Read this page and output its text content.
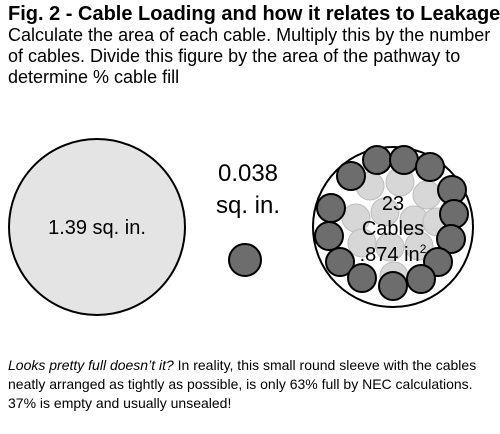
Fig. 2 - Cable Loading and how it relates to Leakage

Calculate the area of each cable. Multiply this by the number of cables. Divide this figure by the area of the pathway to determine % cable fill

1.39 sq. in.
0.038
sq. in.	23
Cables
.874 $in^2$

Looks pretty full doesn’t it? In reality, this small round sleeve with the cables neatly arranged as tightly as possible, is only 63% full by NEC calculations. 37% is empty and usually unsealed!
